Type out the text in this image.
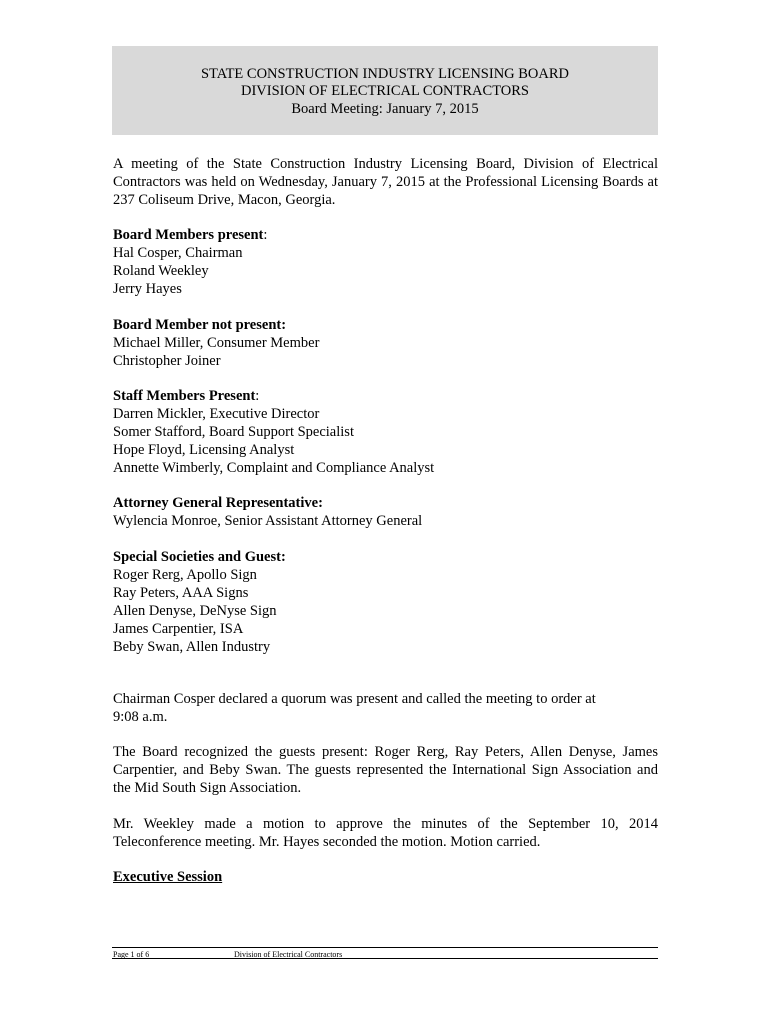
STATE CONSTRUCTION INDUSTRY LICENSING BOARD
DIVISION OF ELECTRICAL CONTRACTORS
Board Meeting: January 7, 2015

A meeting of the State Construction Industry Licensing Board, Division of Electrical Contractors was held on Wednesday, January 7, 2015 at the Professional Licensing Boards at 237 Coliseum Drive, Macon, Georgia.

Board Members present:

Hal Cosper, Chairman

Roland Weekley

Jerry Hayes

Board Member not present:

Michael Miller, Consumer Member

Christopher Joiner

Staff Members Present:

Darren Mickler, Executive Director

Somer Stafford, Board Support Specialist

Hope Floyd, Licensing Analyst

Annette Wimberly, Complaint and Compliance Analyst

Attorney General Representative:

Wylencia Monroe, Senior Assistant Attorney General

Special Societies and Guest:

Roger Rerg, Apollo Sign

Ray Peters, AAA Signs

Allen Denyse, DeNyse Sign

James Carpentier, ISA

Beby Swan, Allen Industry

Chairman Cosper declared a quorum was present and called the meeting to order at

9:08 a.m.

The Board recognized the guests present: Roger Rerg, Ray Peters, Allen Denyse, James Carpentier, and Beby Swan. The guests represented the International Sign Association and the Mid South Sign Association.

Mr. Weekley made a motion to approve the minutes of the September 10, 2014 Teleconference meeting. Mr. Hayes seconded the motion. Motion carried.

Executive Session

Page 1 of 6	Division of Electrical Contractors
